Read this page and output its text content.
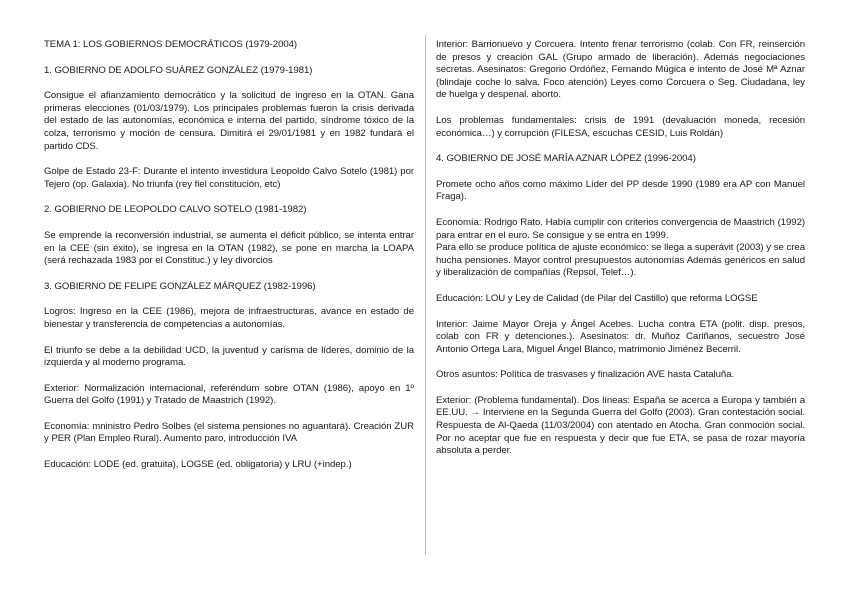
TEMA 1: LOS GOBIERNOS DEMOCRÁTICOS (1979-2004)
1. GOBIERNO DE ADOLFO SUÁREZ GONZÁLEZ (1979-1981)
Consigue el afianzamiento democrático y la solicitud de ingreso en la OTAN. Gana primeras elecciones (01/03/1979). Los principales problemas fueron la crisis derivada del estado de las autonomías, económica e interna del partido, síndrome tóxico de la colza, terrorismo y moción de censura. Dimitirá el 29/01/1981 y en 1982 fundará el partido CDS.
Golpe de Estado 23-F: Durante el intento investidura Leopoldo Calvo Sotelo (1981) por Tejero (op. Galaxia). No triunfa (rey fiel constitución, etc)
2. GOBIERNO DE LEOPOLDO CALVO SOTELO (1981-1982)
Se emprende la reconversión industrial, se aumenta el déficit público, se intenta entrar en la CEE (sin éxito), se ingresa en la OTAN (1982), se pone en marcha la LOAPA (será rechazada 1983 por el Constituc.) y ley divorcios
3. GOBIERNO DE FELIPE GONZÁLEZ MÁRQUEZ (1982-1996)
Logros: Ingreso en la CEE (1986), mejora de infraestructuras, avance en estado de bienestar y transferencia de competencias a autonomías.
El triunfo se debe a la debilidad UCD, la juventud y carisma de líderes, dominio de la izquierda y al moderno programa.
Exterior: Normalización internacional, referéndum sobre OTAN (1986), apoyo en 1º Guerra del Golfo (1991) y Tratado de Maastrich (1992).
Economía: mninistro Pedro Solbes (el sistema pensiones no aguantará). Creación ZUR y PER (Plan Empleo Rural). Aumento paro, introducción IVA
Educación: LODE (ed. gratuita), LOGSE (ed. obligatoria) y LRU (+indep.)
Interior: Barrionuevo y Corcuera. Intento frenar terrorismo (colab. Con FR, reinserción de presos y creación GAL (Grupo armado de liberación). Además negociaciones secretas. Asesinatos: Gregorio Ordóñez, Fernando Múgica e intento de José Mª Aznar (blindaje coche lo salva. Foco atención) Leyes como Corcuera o Seg. Ciudadana, ley de huelga y despenal. aborto.
Los problemas fundamentales: crisis de 1991 (devaluación moneda, recesión económica…) y corrupción (FILESA, escuchas CESID, Luis Roldán)
4. GOBIERNO DE JOSÉ MARÍA AZNAR LÓPEZ (1996-2004)
Promete ocho años como máximo Líder del PP desde 1990 (1989 era AP con Manuel Fraga).
Economía: Rodrigo Rato. Había cumplir con criterios convergencia de Maastrich (1992) para entrar en el euro. Se consigue y se entra en 1999.
Para ello se produce política de ajuste económico: se llega a superávit (2003) y se crea hucha pensiones. Mayor control presupuestos autonomías Además genéricos en salud y liberalización de compañías (Repsol, Telef…).
Educación: LOU y Ley de Calidad (de Pilar del Castillo) que reforma LOGSE
Interior: Jaime Mayor Oreja y Ángel Acebes. Lucha contra ETA (polit. disp. presos, colab con FR y detenciones.). Asesinatos: dr. Muñoz Cariñanos, secuestro José Antonio Ortega Lara, Miguel Ángel Blanco, matrimonio Jiménez Becerril.
Otros asuntos: Política de trasvases y finalización AVE hasta Cataluña.
Exterior: (Problema fundamental). Dos líneas: España se acerca a Europa y también a EE.UU. → Interviene en la Segunda Guerra del Golfo (2003). Gran contestación social. Respuesta de Al-Qaeda (11/03/2004) con atentado en Atocha. Gran conmoción social. Por no aceptar que fue en respuesta y decir que fue ETA, se pasa de rozar mayoría absoluta a perder.
